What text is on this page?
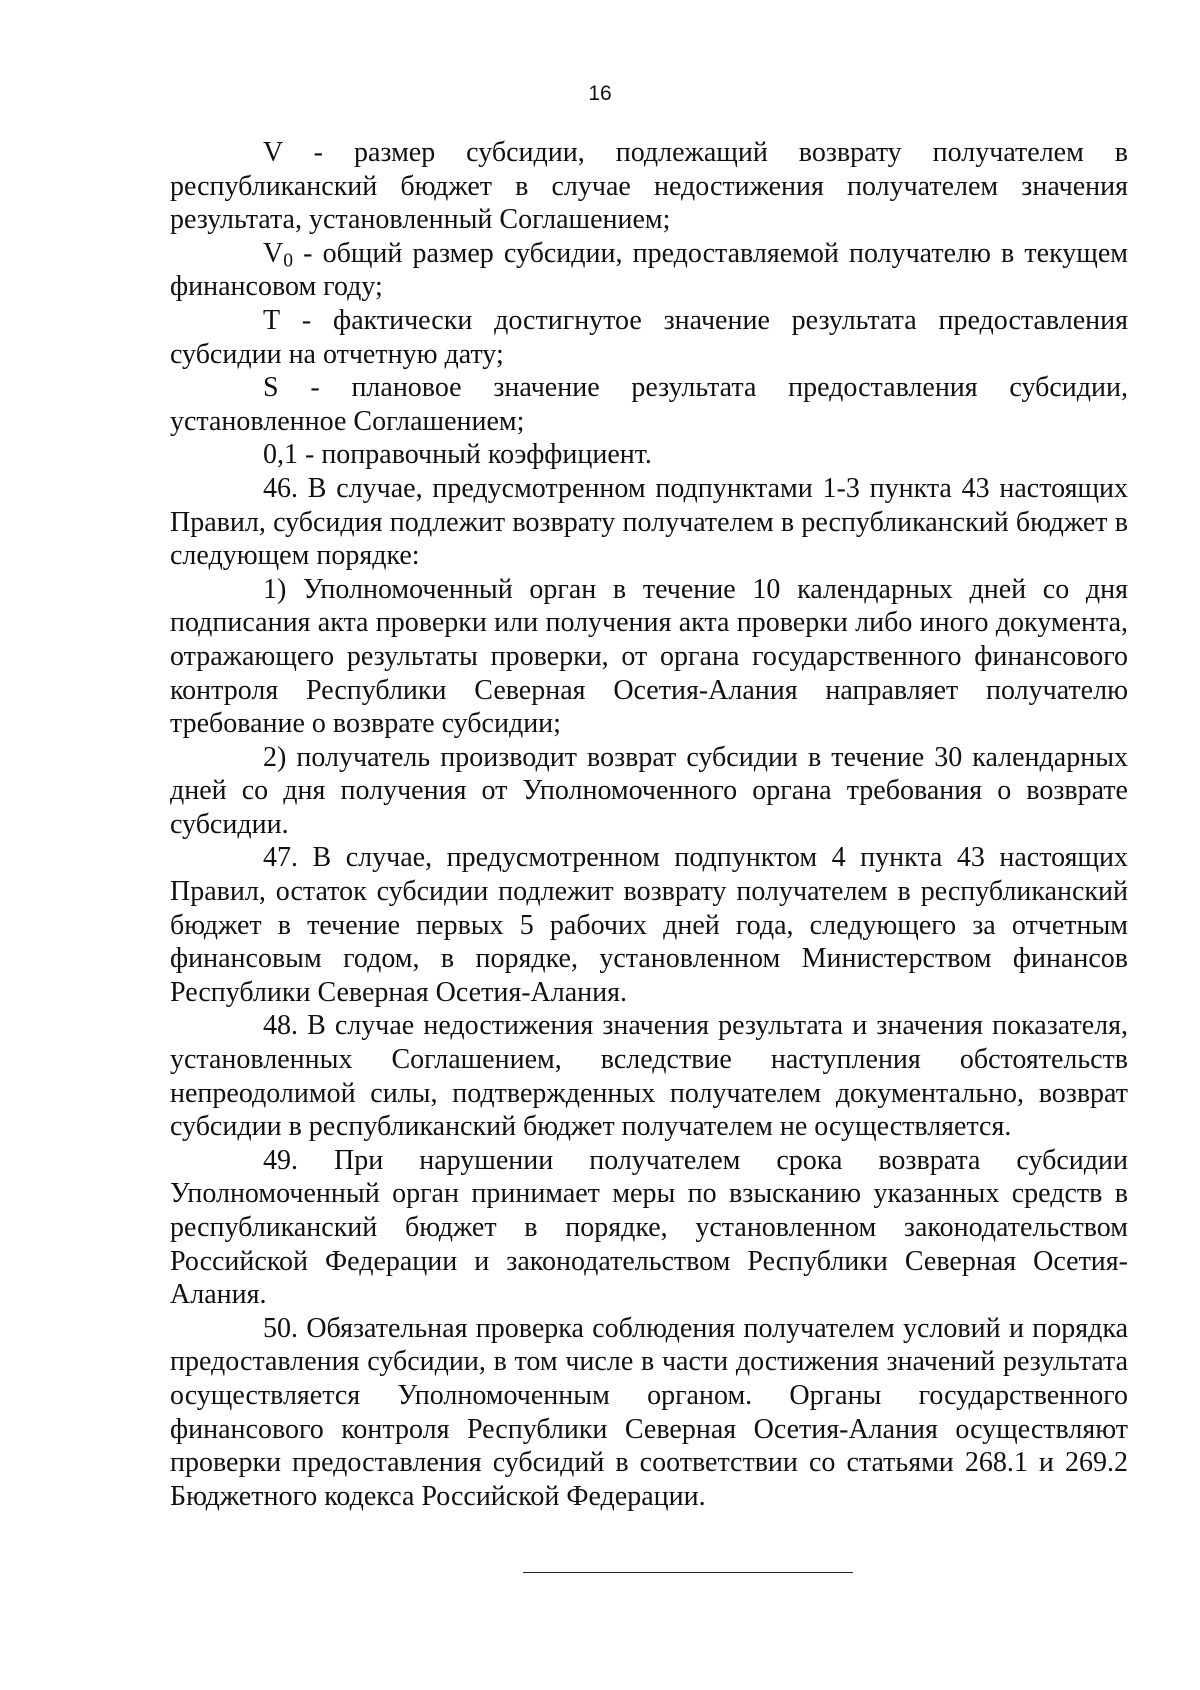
16

V - размер субсидии, подлежащий возврату получателем в республиканский бюджет в случае недостижения получателем значения результата, установленный Соглашением;

$V_0$ - общий размер субсидии, предоставляемой получателю в текущем финансовом году;

Т - фактически достигнутое значение результата предоставления субсидии на отчетную дату;

S - плановое значение результата предоставления субсидии, установленное Соглашением;

0,1 - поправочный коэффициент.

46. В случае, предусмотренном подпунктами 1-3 пункта 43 настоящих Правил, субсидия подлежит возврату получателем в республиканский бюджет в следующем порядке:

1) Уполномоченный орган в течение 10 календарных дней со дня подписания акта проверки или получения акта проверки либо иного документа, отражающего результаты проверки, от органа государственного финансового контроля Республики Северная Осетия-Алания направляет получателю требование о возврате субсидии;

2) получатель производит возврат субсидии в течение 30 календарных дней со дня получения от Уполномоченного органа требования о возврате субсидии.

47. В случае, предусмотренном подпунктом 4 пункта 43 настоящих Правил, остаток субсидии подлежит возврату получателем в республиканский бюджет в течение первых 5 рабочих дней года, следующего за отчетным финансовым годом, в порядке, установленном Министерством финансов Республики Северная Осетия-Алания.

48. В случае недостижения значения результата и значения показателя, установленных Соглашением, вследствие наступления обстоятельств непреодолимой силы, подтвержденных получателем документально, возврат субсидии в республиканский бюджет получателем не осуществляется.

49. При нарушении получателем срока возврата субсидии Уполномоченный орган принимает меры по взысканию указанных средств в республиканский бюджет в порядке, установленном законодательством Российской Федерации и законодательством Республики Северная Осетия-Алания.

50. Обязательная проверка соблюдения получателем условий и порядка предоставления субсидии, в том числе в части достижения значений результата осуществляется Уполномоченным органом. Органы государственного финансового контроля Республики Северная Осетия-Алания осуществляют проверки предоставления субсидий в соответствии со статьями 268.1 и 269.2 Бюджетного кодекса Российской Федерации.
